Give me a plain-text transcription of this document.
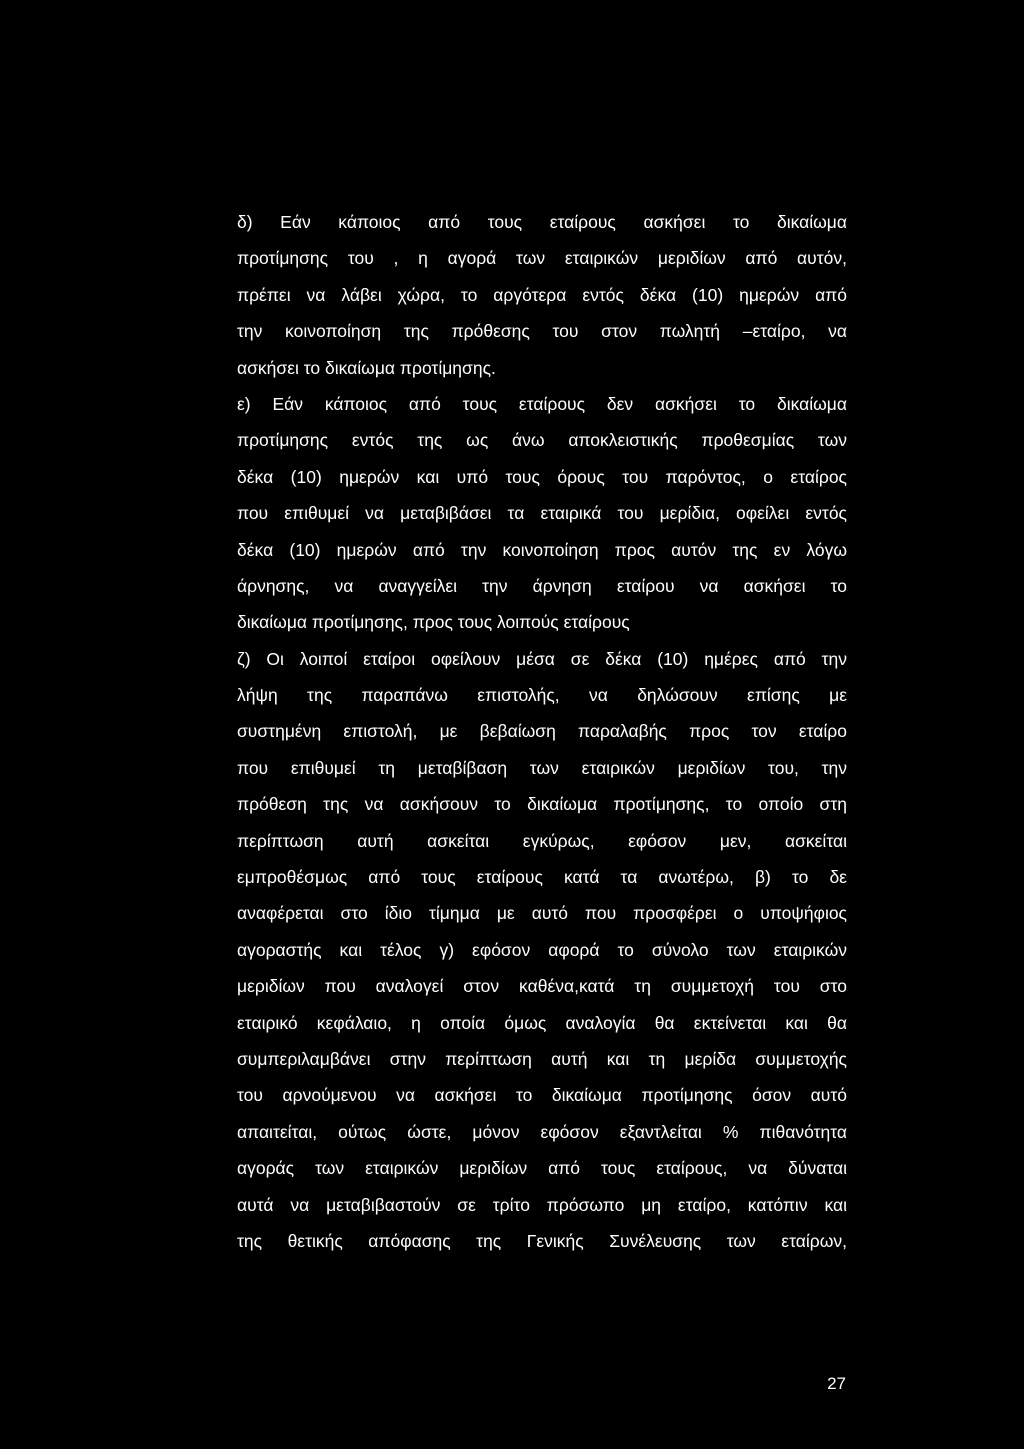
δ) Εάν κάποιος από τους εταίρους ασκήσει το δικαίωμα
προτίμησης του , η αγορά των εταιρικών μεριδίων από αυτόν,
πρέπει να λάβει χώρα, το αργότερα εντός δέκα (10) ημερών από
την κοινοποίηση της πρόθεσης του στον πωλητή –εταίρο, να
ασκήσει το δικαίωμα προτίμησης.
ε) Εάν κάποιος από τους εταίρους δεν ασκήσει το δικαίωμα
προτίμησης εντός της ως άνω αποκλειστικής προθεσμίας των
δέκα (10) ημερών και υπό τους όρους του παρόντος, ο εταίρος
που επιθυμεί να μεταβιβάσει τα εταιρικά του μερίδια, οφείλει εντός
δέκα (10) ημερών από την κοινοποίηση προς αυτόν της εν λόγω
άρνησης, να αναγγείλει την άρνηση εταίρου να ασκήσει το
δικαίωμα προτίμησης, προς τους λοιπούς εταίρους
ζ) Οι λοιποί εταίροι οφείλουν μέσα σε δέκα (10) ημέρες από την
λήψη της παραπάνω επιστολής, να δηλώσουν επίσης με
συστημένη επιστολή, με βεβαίωση παραλαβής προς τον εταίρο
που επιθυμεί τη μεταβίβαση των εταιρικών μεριδίων του, την
πρόθεση της να ασκήσουν το δικαίωμα προτίμησης, το οποίο στη
περίπτωση αυτή ασκείται εγκύρως, εφόσον μεν, ασκείται
εμπροθέσμως από τους εταίρους κατά τα ανωτέρω, β) το δε
αναφέρεται στο ίδιο τίμημα με αυτό που προσφέρει ο υποψήφιος
αγοραστής και τέλος γ) εφόσον αφορά το σύνολο των εταιρικών
μεριδίων που αναλογεί στον καθένα,κατά τη συμμετοχή του στο
εταιρικό κεφάλαιο, η οποία όμως αναλογία θα εκτείνεται και θα
συμπεριλαμβάνει στην περίπτωση αυτή και τη μερίδα συμμετοχής
του αρνούμενου να ασκήσει το δικαίωμα προτίμησης όσον αυτό
απαιτείται, ούτως ώστε, μόνον εφόσον εξαντλείται % πιθανότητα
αγοράς των εταιρικών μεριδίων από τους εταίρους, να δύναται
αυτά να μεταβιβαστούν σε τρίτο πρόσωπο μη εταίρο, κατόπιν και
της θετικής απόφασης της Γενικής Συνέλευσης των εταίρων,
27
